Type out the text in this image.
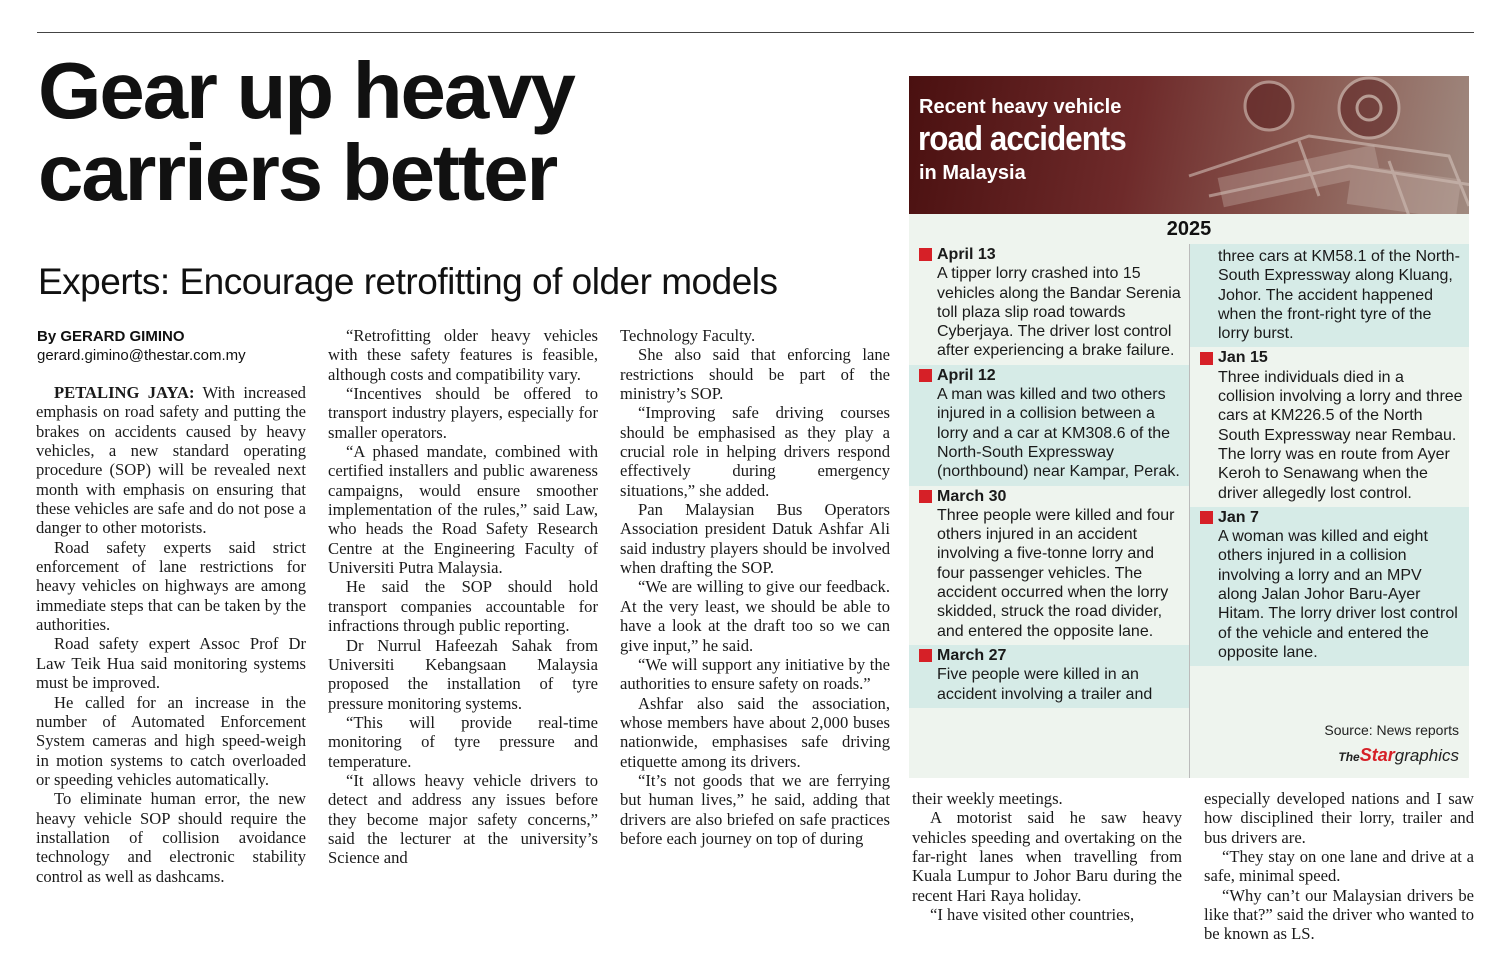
Gear up heavy
carriers better
Experts: Encourage retrofitting of older models
By GERARD GIMINO
gerard.gimino@thestar.com.my

PETALING JAYA: With increased emphasis on road safety and putting the brakes on accidents caused by heavy vehicles, a new standard operating procedure (SOP) will be revealed next month with emphasis on ensuring that these vehicles are safe and do not pose a danger to other motorists.

Road safety experts said strict enforcement of lane restrictions for heavy vehicles on highways are among immediate steps that can be taken by the authorities.

Road safety expert Assoc Prof Dr Law Teik Hua said monitoring systems must be improved.

He called for an increase in the number of Automated Enforcement System cameras and high speed-weigh in motion systems to catch overloaded or speeding vehicles automatically.

To eliminate human error, the new heavy vehicle SOP should require the installation of collision avoidance technology and electronic stability control as well as dashcams.

“Retrofitting older heavy vehicles with these safety features is feasible, although costs and compatibility vary.

“Incentives should be offered to transport industry players, especially for smaller operators.

“A phased mandate, combined with certified installers and public awareness campaigns, would ensure smoother implementation of the rules,” said Law, who heads the Road Safety Research Centre at the Engineering Faculty of Universiti Putra Malaysia.

He said the SOP should hold transport companies accountable for infractions through public reporting.

Dr Nurrul Hafeezah Sahak from Universiti Kebangsaan Malaysia proposed the installation of tyre pressure monitoring systems.

“This will provide real-time monitoring of tyre pressure and temperature.

“It allows heavy vehicle drivers to detect and address any issues before they become major safety concerns,” said the lecturer at the university’s Science and

Technology Faculty.

She also said that enforcing lane restrictions should be part of the ministry’s SOP.

“Improving safe driving courses should be emphasised as they play a crucial role in helping drivers respond effectively during emergency situations,” she added.

Pan Malaysian Bus Operators Association president Datuk Ashfar Ali said industry players should be involved when drafting the SOP.

“We are willing to give our feedback. At the very least, we should be able to have a look at the draft too so we can give input,” he said.

“We will support any initiative by the authorities to ensure safety on roads.”

Ashfar also said the association, whose members have about 2,000 buses nationwide, emphasises safe driving etiquette among its drivers.

“It’s not goods that we are ferrying but human lives,” he said, adding that drivers are also briefed on safe practices before each journey on top of during

their weekly meetings.

A motorist said he saw heavy vehicles speeding and overtaking on the far-right lanes when travelling from Kuala Lumpur to Johor Baru during the recent Hari Raya holiday.

“I have visited other countries,

especially developed nations and I saw how disciplined their lorry, trailer and bus drivers are.

“They stay on one lane and drive at a safe, minimal speed.

“Why can’t our Malaysian drivers be like that?” said the driver who wanted to be known as LS.

Recent heavy vehicle
road accidents
in Malaysia
2025
April 13
A tipper lorry crashed into 15 vehicles along the Bandar Serenia toll plaza slip road towards Cyberjaya. The driver lost control after experiencing a brake failure.
April 12
A man was killed and two others injured in a collision between a lorry and a car at KM308.6 of the North-South Expressway (northbound) near Kampar, Perak.
March 30
Three people were killed and four others injured in an accident involving a five-tonne lorry and four passenger vehicles. The accident occurred when the lorry skidded, struck the road divider, and entered the opposite lane.
March 27
Five people were killed in an accident involving a trailer and
three cars at KM58.1 of the North-South Expressway along Kluang, Johor. The accident happened when the front-right tyre of the lorry burst.
Jan 15
Three individuals died in a collision involving a lorry and three cars at KM226.5 of the North South Expressway near Rembau. The lorry was en route from Ayer Keroh to Senawang when the driver allegedly lost control.
Jan 7
A woman was killed and eight others injured in a collision involving a lorry and an MPV along Jalan Johor Baru-Ayer Hitam. The lorry driver lost control of the vehicle and entered the opposite lane.
Source: News reports
TheStargraphics
